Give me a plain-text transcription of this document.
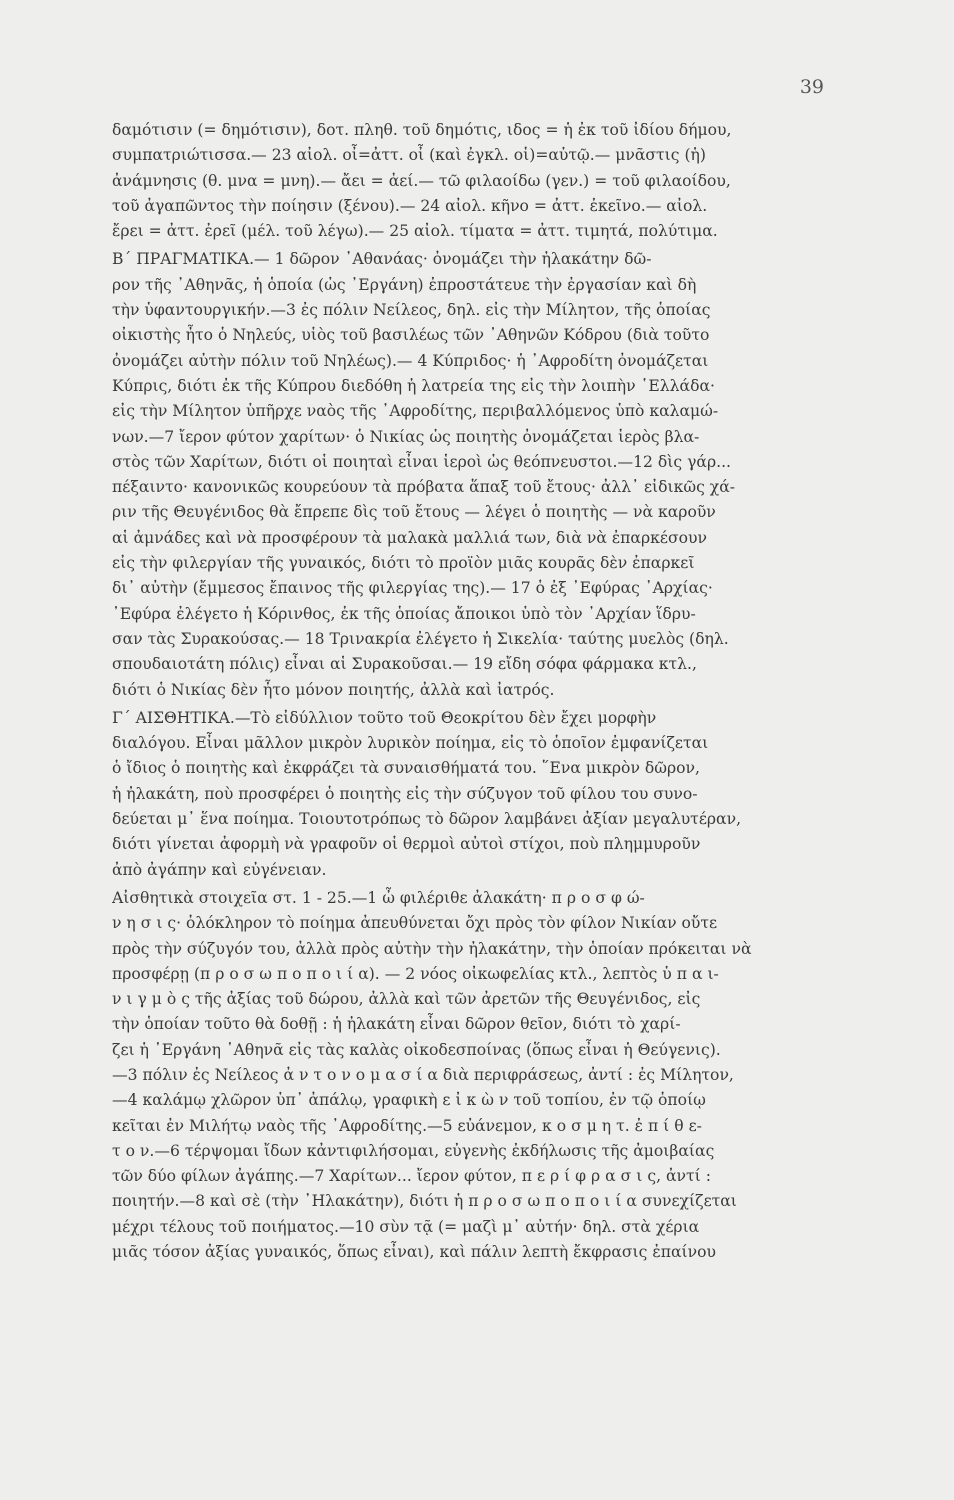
39
δαμότισιν (= δημότισιν), δοτ. πληθ. τοῦ δημότις, ιδος = ἡ ἐκ τοῦ ἰδίου δήμου,
συμπατριώτισσα.— 23 αἰολ. οἶ=ἀττ. οἶ (καὶ ἐγκλ. οἱ)=αὐτῷ.— μνᾶστις (ἡ)
ἀνάμνησις (θ. μνα = μνη).— ἄει = ἀεί.— τῶ φιλαοίδω (γεν.) = τοῦ φιλαοίδου,
τοῦ ἀγαπῶντος τὴν ποίησιν (ξένου).— 24 αἰολ. κῆνο = ἀττ. ἐκεῖνο.— αἰολ.
ἔρει = ἀττ. ἐρεῖ (μέλ. τοῦ λέγω).— 25 αἰολ. τίματα = ἀττ. τιμητά, πολύτιμα.
Β΄ ΠΡΑΓΜΑΤΙΚΑ.— 1 δῶρον ᾿Αθανάας· ὀνομάζει τὴν ἠλακάτην δῶ-
ρον τῆς ᾿Αθηνᾶς, ἡ ὁποία (ὡς ᾿Εργάνη) ἐπροστάτευε τὴν ἐργασίαν καὶ δὴ
τὴν ὑφαντουργικήν.—3 ἐς πόλιν Νείλεος, δηλ. εἰς τὴν Μίλητον, τῆς ὁποίας
οἰκιστὴς ἦτο ὁ Νηλεύς, υἱὸς τοῦ βασιλέως τῶν ᾿Αθηνῶν Κόδρου (διὰ τοῦτο
ὀνομάζει αὐτὴν πόλιν τοῦ Νηλέως).— 4 Κύπριδος· ἡ ᾿Αφροδίτη ὀνομάζεται
Κύπρις, διότι ἐκ τῆς Κύπρου διεδόθη ἡ λατρεία της εἰς τὴν λοιπὴν ῾Ελλάδα·
εἰς τὴν Μίλητον ὑπῆρχε ναὸς τῆς ᾿Αφροδίτης, περιβαλλόμενος ὑπὸ καλαμώ-
νων.—7 ἴερον φύτον χαρίτων· ὁ Νικίας ὡς ποιητὴς ὀνομάζεται ἱερὸς βλα-
στὸς τῶν Χαρίτων, διότι οἱ ποιηταὶ εἶναι ἱεροὶ ὡς θεόπνευστοι.—12 δὶς γάρ...
πέξαιντο· κανονικῶς κουρεύουν τὰ πρόβατα ἅπαξ τοῦ ἔτους· ἀλλ᾿ εἰδικῶς χά-
ριν τῆς Θευγένιδος θὰ ἔπρεπε δὶς τοῦ ἔτους — λέγει ὁ ποιητὴς — νὰ καροῦν
αἱ ἀμνάδες καὶ νὰ προσφέρουν τὰ μαλακὰ μαλλιά των, διὰ νὰ ἐπαρκέσουν
εἰς τὴν φιλεργίαν τῆς γυναικός, διότι τὸ προϊὸν μιᾶς κουρᾶς δὲν ἐπαρκεῖ
δι᾿ αὐτὴν (ἔμμεσος ἔπαινος τῆς φιλεργίας της).— 17 ὁ ἐξ ᾿Εφύρας ᾿Αρχίας·
᾿Εφύρα ἐλέγετο ἡ Κόρινθος, ἐκ τῆς ὁποίας ἄποικοι ὑπὸ τὸν ᾿Αρχίαν ἵδρυ-
σαν τὰς Συρακούσας.— 18 Τρινακρία ἐλέγετο ἡ Σικελία· ταύτης μυελὸς (δηλ.
σπουδαιοτάτη πόλις) εἶναι αἱ Συρακοῦσαι.— 19 εἴδη σόφα φάρμακα κτλ.,
διότι ὁ Νικίας δὲν ἦτο μόνον ποιητής, ἀλλὰ καὶ ἰατρός.
Γ΄ ΑΙΣΘΗΤΙΚΑ.—Τὸ εἰδύλλιον τοῦτο τοῦ Θεοκρίτου δὲν ἔχει μορφὴν
διαλόγου. Εἶναι μᾶλλον μικρὸν λυρικὸν ποίημα, εἰς τὸ ὁποῖον ἐμφανίζεται
ὁ ἴδιος ὁ ποιητὴς καὶ ἐκφράζει τὰ συναισθήματά του. ῞Ενα μικρὸν δῶρον,
ἡ ἠλακάτη, ποὺ προσφέρει ὁ ποιητὴς εἰς τὴν σύζυγον τοῦ φίλου του συνο-
δεύεται μ᾿ ἕνα ποίημα. Τοιουτοτρόπως τὸ δῶρον λαμβάνει ἀξίαν μεγαλυτέραν,
διότι γίνεται ἀφορμὴ νὰ γραφοῦν οἱ θερμοὶ αὐτοὶ στίχοι, ποὺ πλημμυροῦν
ἀπὸ ἀγάπην καὶ εὐγένειαν.
Αἰσθητικὰ στοιχεῖα στ. 1 - 25.—1 ὦ φιλέριθε ἀλακάτη· π ρ ο σ φ ώ-
ν η σ ι ς· ὁλόκληρον τὸ ποίημα ἀπευθύνεται ὄχι πρὸς τὸν φίλον Νικίαν οὔτε
πρὸς τὴν σύζυγόν του, ἀλλὰ πρὸς αὐτὴν τὴν ἠλακάτην, τὴν ὁποίαν πρόκειται νὰ
προσφέρῃ (π ρ ο σ ω π ο π ο ι ί α). — 2 νόος οἰκωφελίας κτλ., λεπτὸς ὑ π α ι-
ν ι γ μ ὸ ς τῆς ἀξίας τοῦ δώρου, ἀλλὰ καὶ τῶν ἀρετῶν τῆς Θευγένιδος, εἰς
τὴν ὁποίαν τοῦτο θὰ δοθῇ : ἡ ἠλακάτη εἶναι δῶρον θεῖον, διότι τὸ χαρί-
ζει ἡ ᾿Εργάνη ᾿Αθηνᾶ εἰς τὰς καλὰς οἰκοδεσποίνας (ὅπως εἶναι ἡ Θεύγενις).
—3 πόλιν ἐς Νείλεος ἀ ν τ ο ν ο μ α σ ί α διὰ περιφράσεως, ἀντί : ἐς Μίλητον,
—4 καλάμῳ χλῶρον ὑπ᾿ ἀπάλῳ, γραφικὴ ε ἰ κ ὼ ν τοῦ τοπίου, ἐν τῷ ὁποίῳ
κεῖται ἐν Μιλήτῳ ναὸς τῆς ᾿Αφροδίτης.—5 εὐάνεμον, κ ο σ μ η τ. ἐ π ί θ ε-
τ ο ν.—6 τέρψομαι ἴδων κἀντιφιλήσομαι, εὐγενὴς ἐκδήλωσις τῆς ἀμοιβαίας
τῶν δύο φίλων ἀγάπης.—7 Χαρίτων... ἴερον φύτον, π ε ρ ί φ ρ α σ ι ς, ἀντί :
ποιητήν.—8 καὶ σὲ (τὴν ᾿Ηλακάτην), διότι ἡ π ρ ο σ ω π ο π ο ι ί α συνεχίζεται
μέχρι τέλους τοῦ ποιήματος.—10 σὺν τᾷ (= μαζὶ μ᾿ αὐτήν· δηλ. στὰ χέρια
μιᾶς τόσον ἀξίας γυναικός, ὅπως εἶναι), καὶ πάλιν λεπτὴ ἔκφρασις ἐπαίνου
